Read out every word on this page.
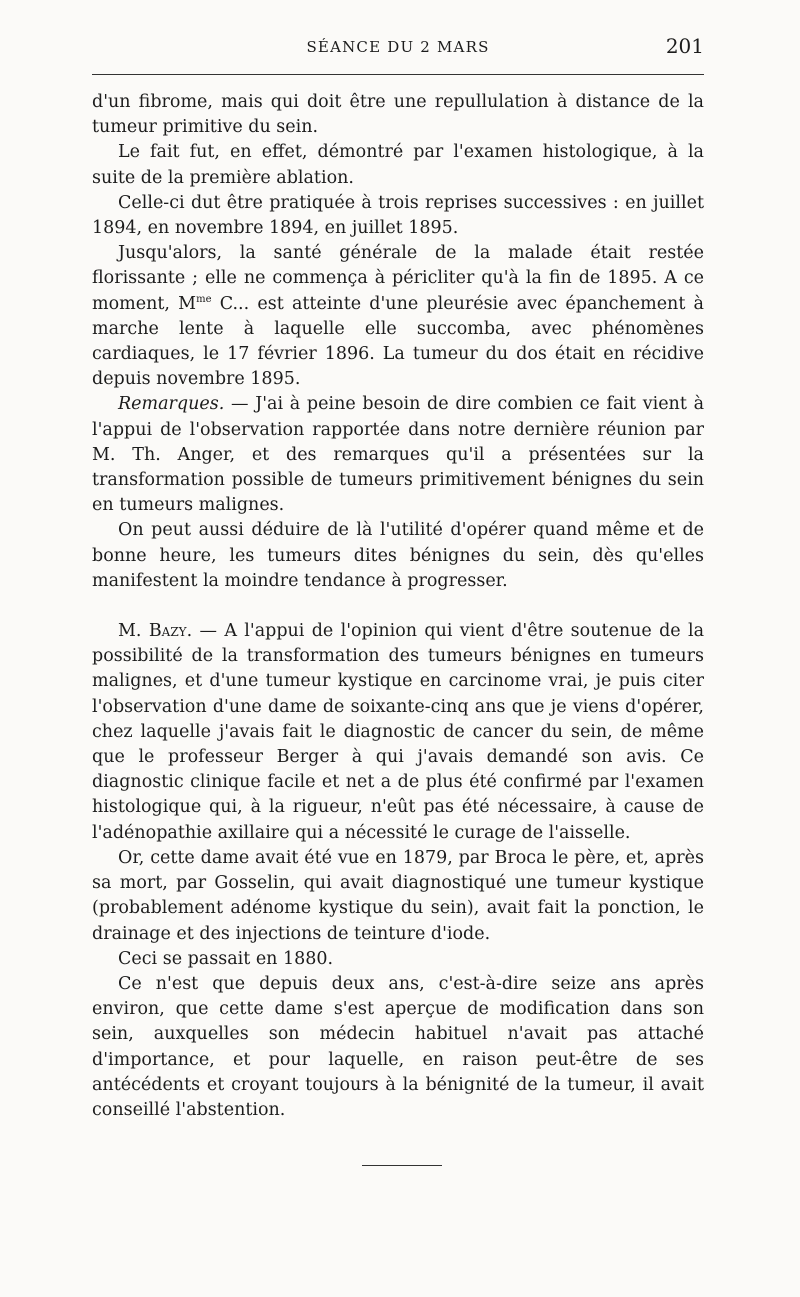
SÉANCE DU 2 MARS	201

d'un fibrome, mais qui doit être une repullulation à distance de la tumeur primitive du sein.

Le fait fut, en effet, démontré par l'examen histologique, à la suite de la première ablation.

Celle-ci dut être pratiquée à trois reprises successives : en juillet 1894, en novembre 1894, en juillet 1895.

Jusqu'alors, la santé générale de la malade était restée florissante ; elle ne commença à péricliter qu'à la fin de 1895. A ce moment, $M^{me}$ C... est atteinte d'une pleurésie avec épanchement à marche lente à laquelle elle succomba, avec phénomènes cardiaques, le 17 février 1896. La tumeur du dos était en récidive depuis novembre 1895.

Remarques. — J'ai à peine besoin de dire combien ce fait vient à l'appui de l'observation rapportée dans notre dernière réunion par M. Th. Anger, et des remarques qu'il a présentées sur la transformation possible de tumeurs primitivement bénignes du sein en tumeurs malignes.

On peut aussi déduire de là l'utilité d'opérer quand même et de bonne heure, les tumeurs dites bénignes du sein, dès qu'elles manifestent la moindre tendance à progresser.

M. Bazy. — A l'appui de l'opinion qui vient d'être soutenue de la possibilité de la transformation des tumeurs bénignes en tumeurs malignes, et d'une tumeur kystique en carcinome vrai, je puis citer l'observation d'une dame de soixante-cinq ans que je viens d'opérer, chez laquelle j'avais fait le diagnostic de cancer du sein, de même que le professeur Berger à qui j'avais demandé son avis. Ce diagnostic clinique facile et net a de plus été confirmé par l'examen histologique qui, à la rigueur, n'eût pas été nécessaire, à cause de l'adénopathie axillaire qui a nécessité le curage de l'aisselle.

Or, cette dame avait été vue en 1879, par Broca le père, et, après sa mort, par Gosselin, qui avait diagnostiqué une tumeur kystique (probablement adénome kystique du sein), avait fait la ponction, le drainage et des injections de teinture d'iode.

Ceci se passait en 1880.

Ce n'est que depuis deux ans, c'est-à-dire seize ans après environ, que cette dame s'est aperçue de modification dans son sein, auxquelles son médecin habituel n'avait pas attaché d'importance, et pour laquelle, en raison peut-être de ses antécédents et croyant toujours à la bénignité de la tumeur, il avait conseillé l'abstention.
